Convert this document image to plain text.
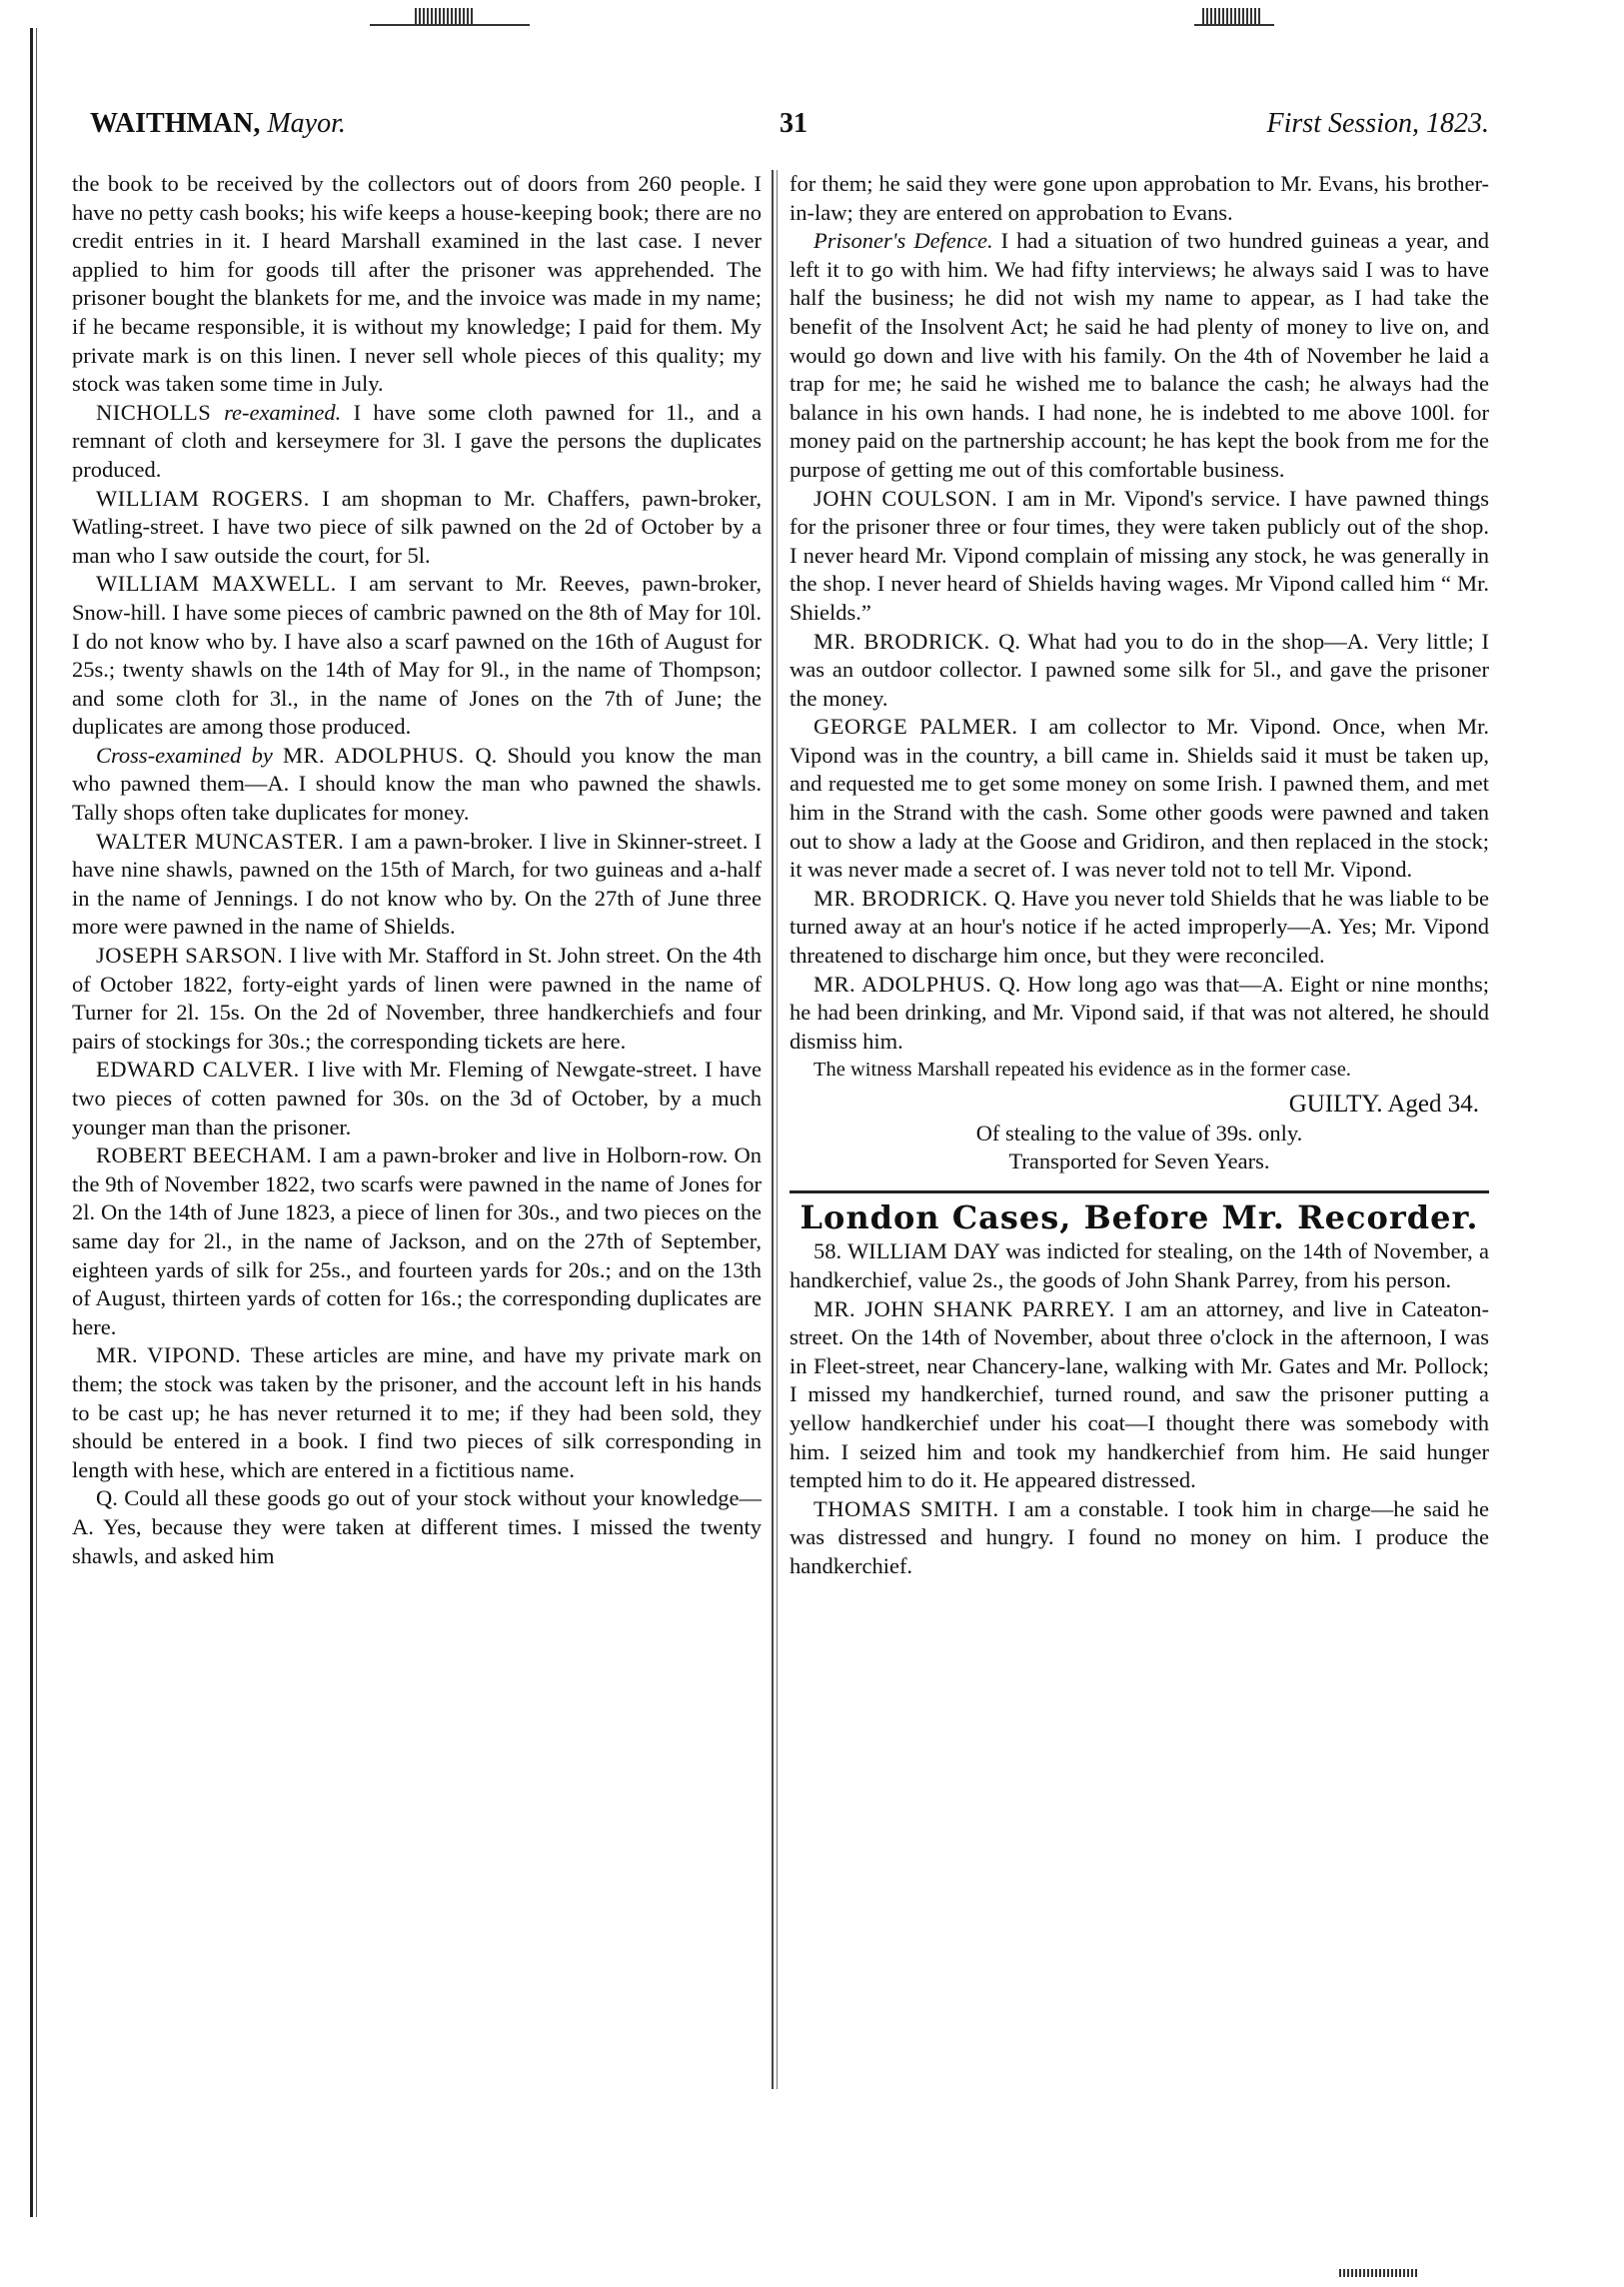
WAITHMAN, Mayor.	31	First Session, 1823.

the book to be received by the collectors out of doors from 260 people. I have no petty cash books; his wife keeps a house-keeping book; there are no credit entries in it. I heard Marshall examined in the last case. I never applied to him for goods till after the prisoner was apprehended. The prisoner bought the blankets for me, and the invoice was made in my name; if he became responsible, it is without my knowledge; I paid for them. My private mark is on this linen. I never sell whole pieces of this quality; my stock was taken some time in July.

NICHOLLS re-examined. I have some cloth pawned for 1l., and a remnant of cloth and kerseymere for 3l. I gave the persons the duplicates produced.

WILLIAM ROGERS. I am shopman to Mr. Chaffers, pawn-broker, Watling-street. I have two piece of silk pawned on the 2d of October by a man who I saw outside the court, for 5l.

WILLIAM MAXWELL. I am servant to Mr. Reeves, pawn-broker, Snow-hill. I have some pieces of cambric pawned on the 8th of May for 10l. I do not know who by. I have also a scarf pawned on the 16th of August for 25s.; twenty shawls on the 14th of May for 9l., in the name of Thompson; and some cloth for 3l., in the name of Jones on the 7th of June; the duplicates are among those produced.

Cross-examined by MR. ADOLPHUS. Q. Should you know the man who pawned them—A. I should know the man who pawned the shawls. Tally shops often take duplicates for money.

WALTER MUNCASTER. I am a pawn-broker. I live in Skinner-street. I have nine shawls, pawned on the 15th of March, for two guineas and a-half in the name of Jennings. I do not know who by. On the 27th of June three more were pawned in the name of Shields.

JOSEPH SARSON. I live with Mr. Stafford in St. John street. On the 4th of October 1822, forty-eight yards of linen were pawned in the name of Turner for 2l. 15s. On the 2d of November, three handkerchiefs and four pairs of stockings for 30s.; the corresponding tickets are here.

EDWARD CALVER. I live with Mr. Fleming of Newgate-street. I have two pieces of cotten pawned for 30s. on the 3d of October, by a much younger man than the prisoner.

ROBERT BEECHAM. I am a pawn-broker and live in Holborn-row. On the 9th of November 1822, two scarfs were pawned in the name of Jones for 2l. On the 14th of June 1823, a piece of linen for 30s., and two pieces on the same day for 2l., in the name of Jackson, and on the 27th of September, eighteen yards of silk for 25s., and fourteen yards for 20s.; and on the 13th of August, thirteen yards of cotten for 16s.; the corresponding duplicates are here.

MR. VIPOND. These articles are mine, and have my private mark on them; the stock was taken by the prisoner, and the account left in his hands to be cast up; he has never returned it to me; if they had been sold, they should be entered in a book. I find two pieces of silk corresponding in length with hese, which are entered in a fictitious name.

Q. Could all these goods go out of your stock without your knowledge—A. Yes, because they were taken at different times. I missed the twenty shawls, and asked him

for them; he said they were gone upon approbation to Mr. Evans, his brother-in-law; they are entered on approbation to Evans.

Prisoner's Defence. I had a situation of two hundred guineas a year, and left it to go with him. We had fifty interviews; he always said I was to have half the business; he did not wish my name to appear, as I had take the benefit of the Insolvent Act; he said he had plenty of money to live on, and would go down and live with his family. On the 4th of November he laid a trap for me; he said he wished me to balance the cash; he always had the balance in his own hands. I had none, he is indebted to me above 100l. for money paid on the partnership account; he has kept the book from me for the purpose of getting me out of this comfortable business.

JOHN COULSON. I am in Mr. Vipond's service. I have pawned things for the prisoner three or four times, they were taken publicly out of the shop. I never heard Mr. Vipond complain of missing any stock, he was generally in the shop. I never heard of Shields having wages. Mr Vipond called him “ Mr. Shields.”

MR. BRODRICK. Q. What had you to do in the shop—A. Very little; I was an outdoor collector. I pawned some silk for 5l., and gave the prisoner the money.

GEORGE PALMER. I am collector to Mr. Vipond. Once, when Mr. Vipond was in the country, a bill came in. Shields said it must be taken up, and requested me to get some money on some Irish. I pawned them, and met him in the Strand with the cash. Some other goods were pawned and taken out to show a lady at the Goose and Gridiron, and then replaced in the stock; it was never made a secret of. I was never told not to tell Mr. Vipond.

MR. BRODRICK. Q. Have you never told Shields that he was liable to be turned away at an hour's notice if he acted improperly—A. Yes; Mr. Vipond threatened to discharge him once, but they were reconciled.

MR. ADOLPHUS. Q. How long ago was that—A. Eight or nine months; he had been drinking, and Mr. Vipond said, if that was not altered, he should dismiss him.

The witness Marshall repeated his evidence as in the former case.

GUILTY. Aged 34.

Of stealing to the value of 39s. only.

Transported for Seven Years.

London Cases, Before Mr. Recorder.

58. WILLIAM DAY was indicted for stealing, on the 14th of November, a handkerchief, value 2s., the goods of John Shank Parrey, from his person.

MR. JOHN SHANK PARREY. I am an attorney, and live in Cateaton-street. On the 14th of November, about three o'clock in the afternoon, I was in Fleet-street, near Chancery-lane, walking with Mr. Gates and Mr. Pollock; I missed my handkerchief, turned round, and saw the prisoner putting a yellow handkerchief under his coat—I thought there was somebody with him. I seized him and took my handkerchief from him. He said hunger tempted him to do it. He appeared distressed.

THOMAS SMITH. I am a constable. I took him in charge—he said he was distressed and hungry. I found no money on him. I produce the handkerchief.
